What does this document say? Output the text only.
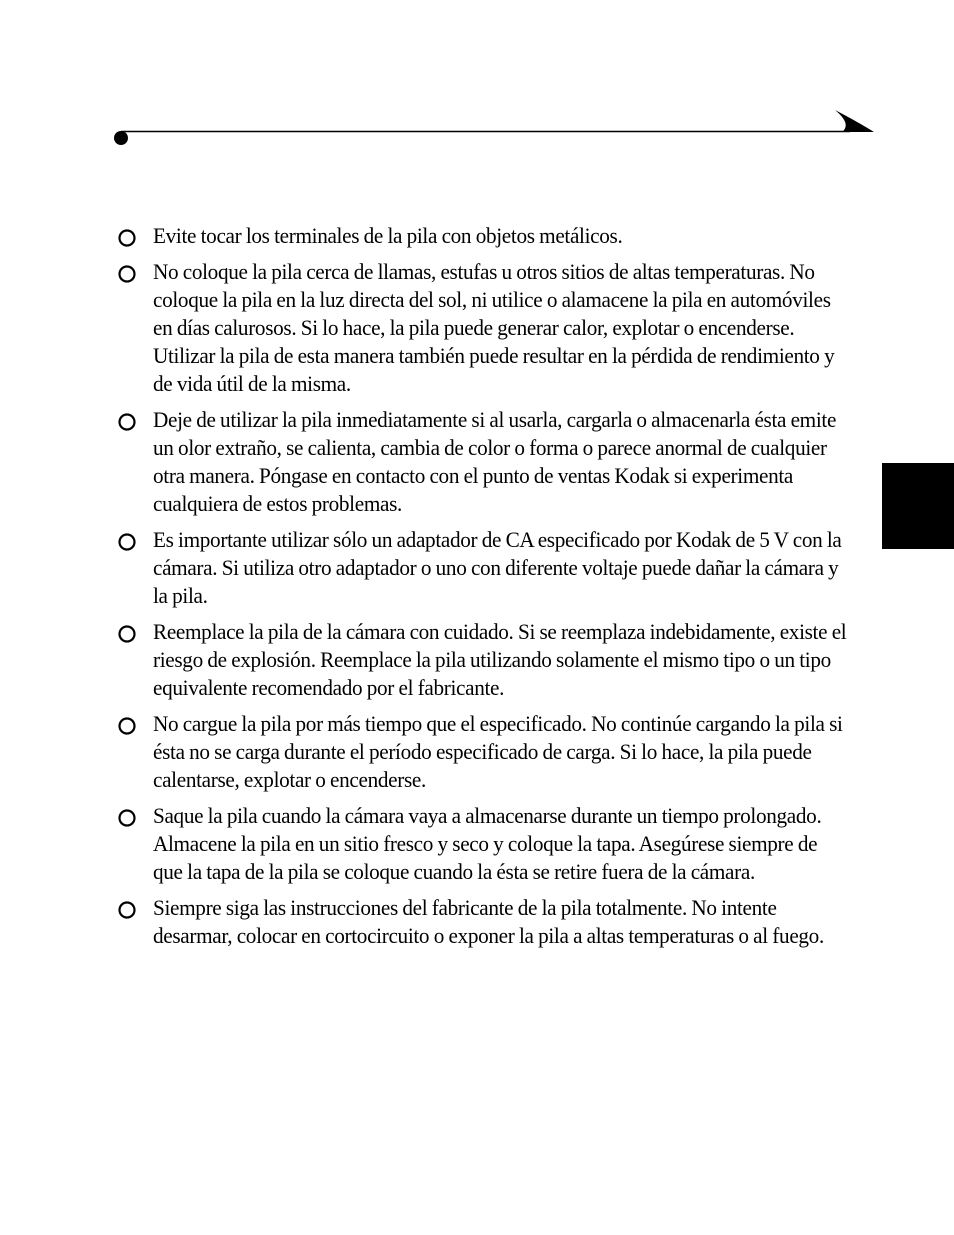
Evite tocar los terminales de la pila con objetos metálicos.
No coloque la pila cerca de llamas, estufas u otros sitios de altas temperaturas. No coloque la pila en la luz directa del sol, ni utilice o alamacene la pila en automóviles en días calurosos. Si lo hace, la pila puede generar calor, explotar o encenderse. Utilizar la pila de esta manera también puede resultar en la pérdida de rendimiento y de vida útil de la misma.
Deje de utilizar la pila inmediatamente si al usarla, cargarla o almacenarla ésta emite un olor extraño, se calienta, cambia de color o forma o parece anormal de cualquier otra manera. Póngase en contacto con el punto de ventas Kodak si experimenta cualquiera de estos problemas.
Es importante utilizar sólo un adaptador de CA especificado por Kodak de 5 V con la cámara. Si utiliza otro adaptador o uno con diferente voltaje puede dañar la cámara y la pila.
Reemplace la pila de la cámara con cuidado. Si se reemplaza indebidamente, existe el riesgo de explosión. Reemplace la pila utilizando solamente el mismo tipo o un tipo equivalente recomendado por el fabricante.
No cargue la pila por más tiempo que el especificado. No continúe cargando la pila si ésta no se carga durante el período especificado de carga. Si lo hace, la pila puede calentarse, explotar o encenderse.
Saque la pila cuando la cámara vaya a almacenarse durante un tiempo prolongado. Almacene la pila en un sitio fresco y seco y coloque la tapa. Asegúrese siempre de que la tapa de la pila se coloque cuando la ésta se retire fuera de la cámara.
Siempre siga las instrucciones del fabricante de la pila totalmente. No intente desarmar, colocar en cortocircuito o exponer la pila a altas temperaturas o al fuego.
